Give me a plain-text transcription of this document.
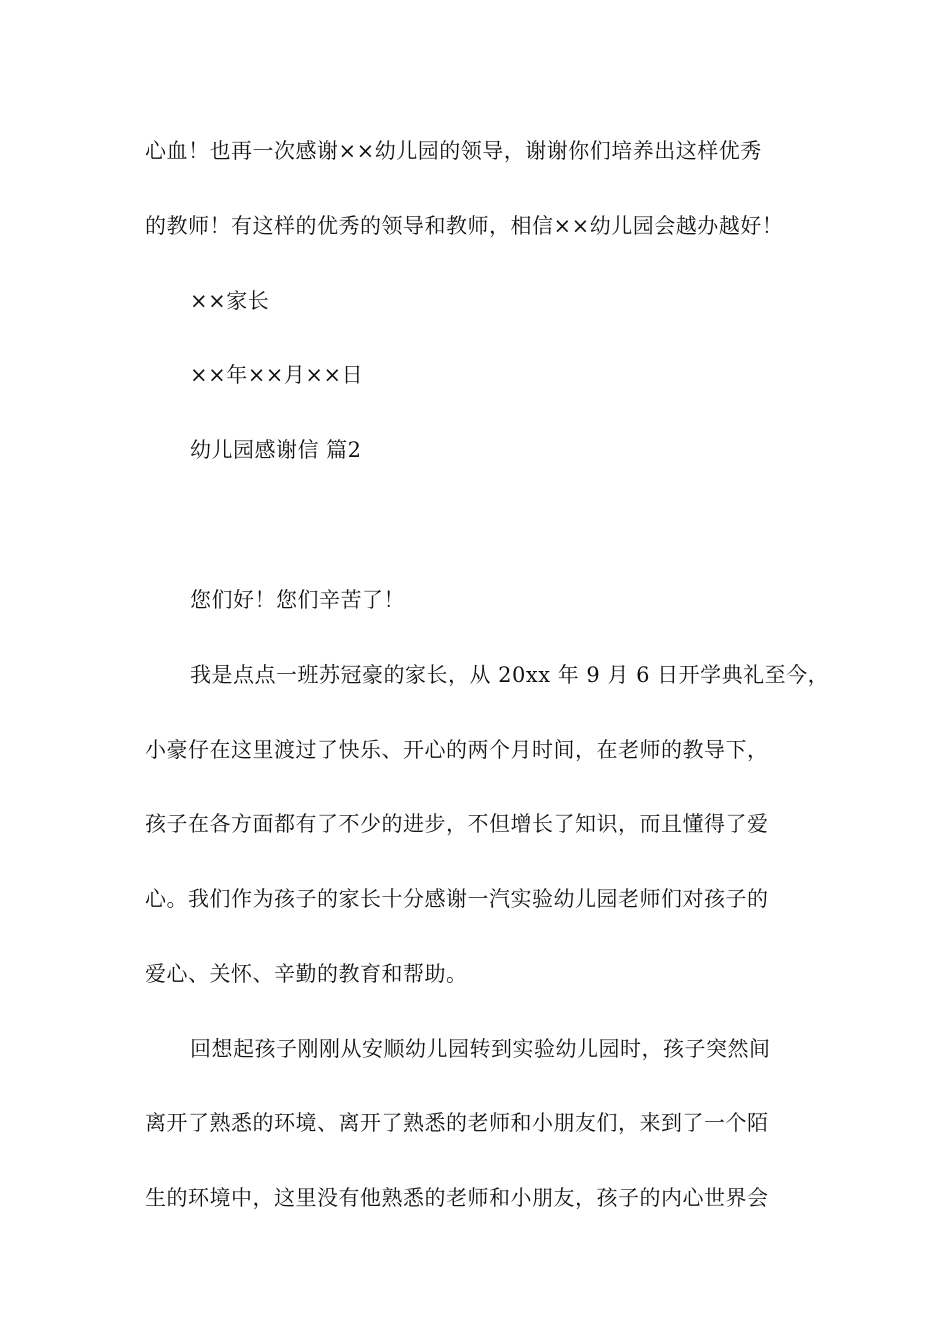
心血！也再一次感谢××幼儿园的领导，谢谢你们培养出这样优秀
的教师！有这样的优秀的领导和教师，相信××幼儿园会越办越好！
××家长
××年××月××日
幼儿园感谢信 篇2
您们好！您们辛苦了！
我是点点一班苏冠豪的家长，从 20xx 年 9 月 6 日开学典礼至今，
小豪仔在这里渡过了快乐、开心的两个月时间，在老师的教导下，
孩子在各方面都有了不少的进步，不但增长了知识，而且懂得了爱
心。我们作为孩子的家长十分感谢一汽实验幼儿园老师们对孩子的
爱心、关怀、辛勤的教育和帮助。
回想起孩子刚刚从安顺幼儿园转到实验幼儿园时，孩子突然间
离开了熟悉的环境、离开了熟悉的老师和小朋友们，来到了一个陌
生的环境中，这里没有他熟悉的老师和小朋友，孩子的内心世界会
